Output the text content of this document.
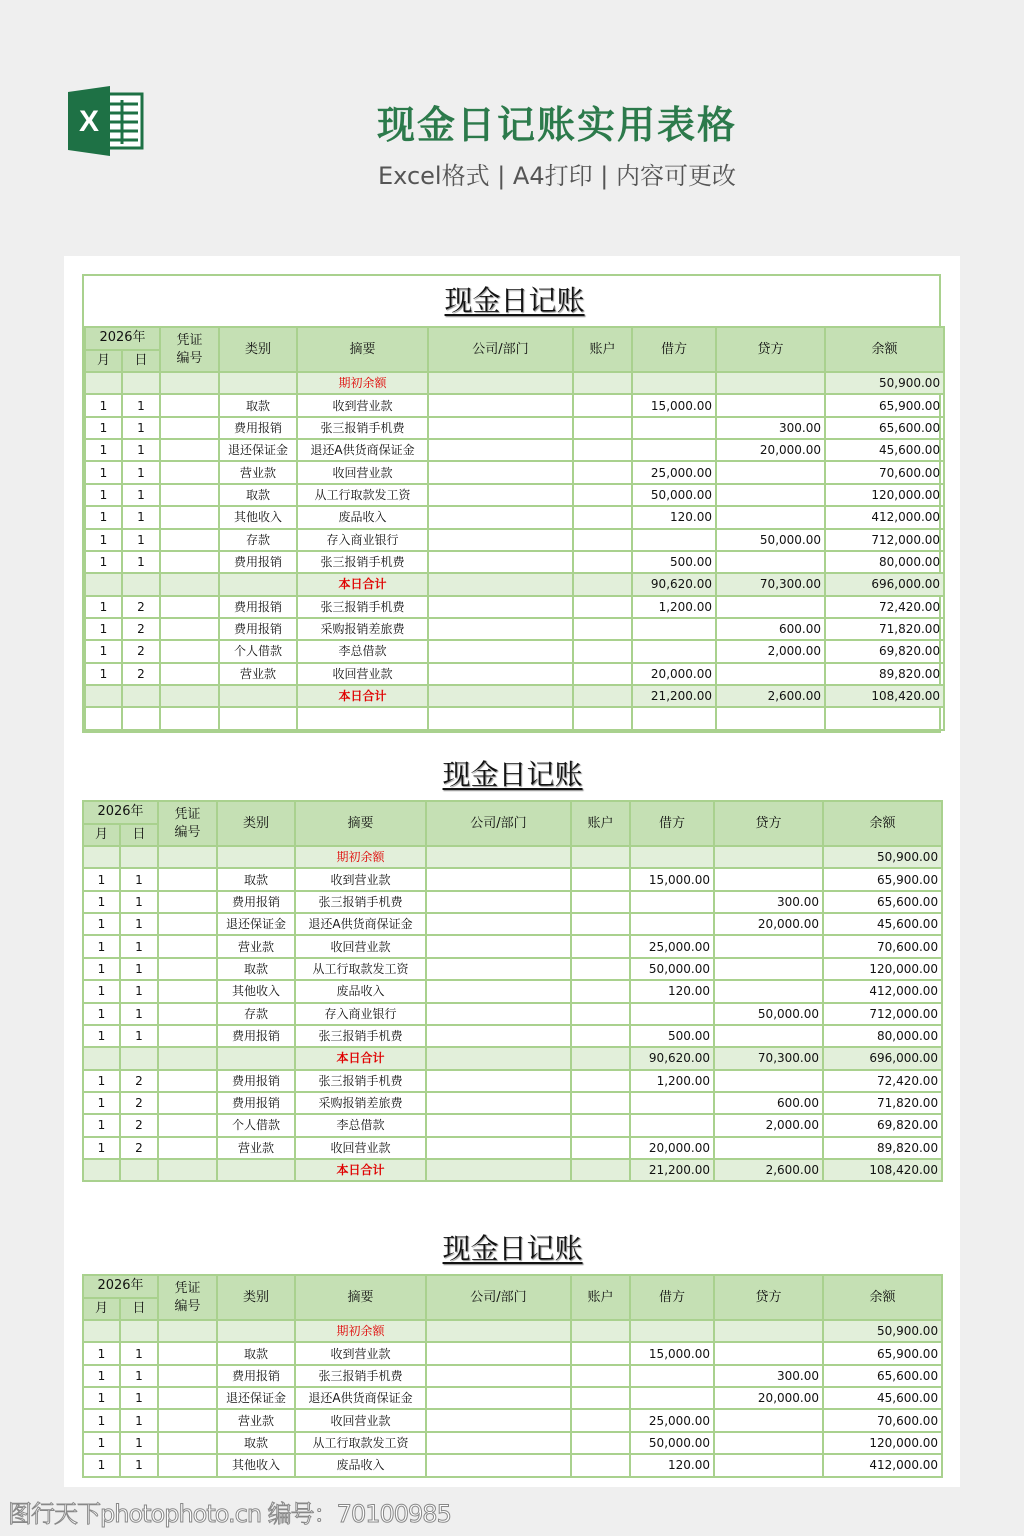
X	现金日记账实用表格
Excel格式 | A4打印 | 内容可更改
现金日记账									
2026年		凭证
编号	类别	摘要	公司/部门	账户	借方	贷方	余额
月	日								
				期初余额					50,900.00
1	1		取款	收到营业款			15,000.00		65,900.00
1	1		费用报销	张三报销手机费				300.00	65,600.00
1	1		退还保证金	退还A供货商保证金				20,000.00	45,600.00
1	1		营业款	收回营业款			25,000.00		70,600.00
1	1		取款	从工行取款发工资			50,000.00		120,000.00
1	1		其他收入	废品收入			120.00		412,000.00
1	1		存款	存入商业银行				50,000.00	712,000.00
1	1		费用报销	张三报销手机费			500.00		80,000.00
				本日合计			90,620.00	70,300.00	696,000.00
1	2		费用报销	张三报销手机费			1,200.00		72,420.00
1	2		费用报销	采购报销差旅费				600.00	71,820.00
1	2		个人借款	李总借款				2,000.00	69,820.00
1	2		营业款	收回营业款			20,000.00		89,820.00
				本日合计			21,200.00	2,600.00	108,420.00

现金日记账									
2026年		凭证
编号	类别	摘要	公司/部门	账户	借方	贷方	余额
月	日								
				期初余额					50,900.00
1	1		取款	收到营业款			15,000.00		65,900.00
1	1		费用报销	张三报销手机费				300.00	65,600.00
1	1		退还保证金	退还A供货商保证金				20,000.00	45,600.00
1	1		营业款	收回营业款			25,000.00		70,600.00
1	1		取款	从工行取款发工资			50,000.00		120,000.00
1	1		其他收入	废品收入			120.00		412,000.00
1	1		存款	存入商业银行				50,000.00	712,000.00
1	1		费用报销	张三报销手机费			500.00		80,000.00
				本日合计			90,620.00	70,300.00	696,000.00
1	2		费用报销	张三报销手机费			1,200.00		72,420.00
1	2		费用报销	采购报销差旅费				600.00	71,820.00
1	2		个人借款	李总借款				2,000.00	69,820.00
1	2		营业款	收回营业款			20,000.00		89,820.00
				本日合计			21,200.00	2,600.00	108,420.00
现金日记账									
2026年		凭证
编号	类别	摘要	公司/部门	账户	借方	贷方	余额
月	日								
				期初余额					50,900.00
1	1		取款	收到营业款			15,000.00		65,900.00
1	1		费用报销	张三报销手机费				300.00	65,600.00
1	1		退还保证金	退还A供货商保证金				20,000.00	45,600.00
1	1		营业款	收回营业款			25,000.00		70,600.00
1	1		取款	从工行取款发工资			50,000.00		120,000.00
1	1		其他收入	废品收入			120.00		412,000.00
图行天下photophoto.cn 编号：70100985
